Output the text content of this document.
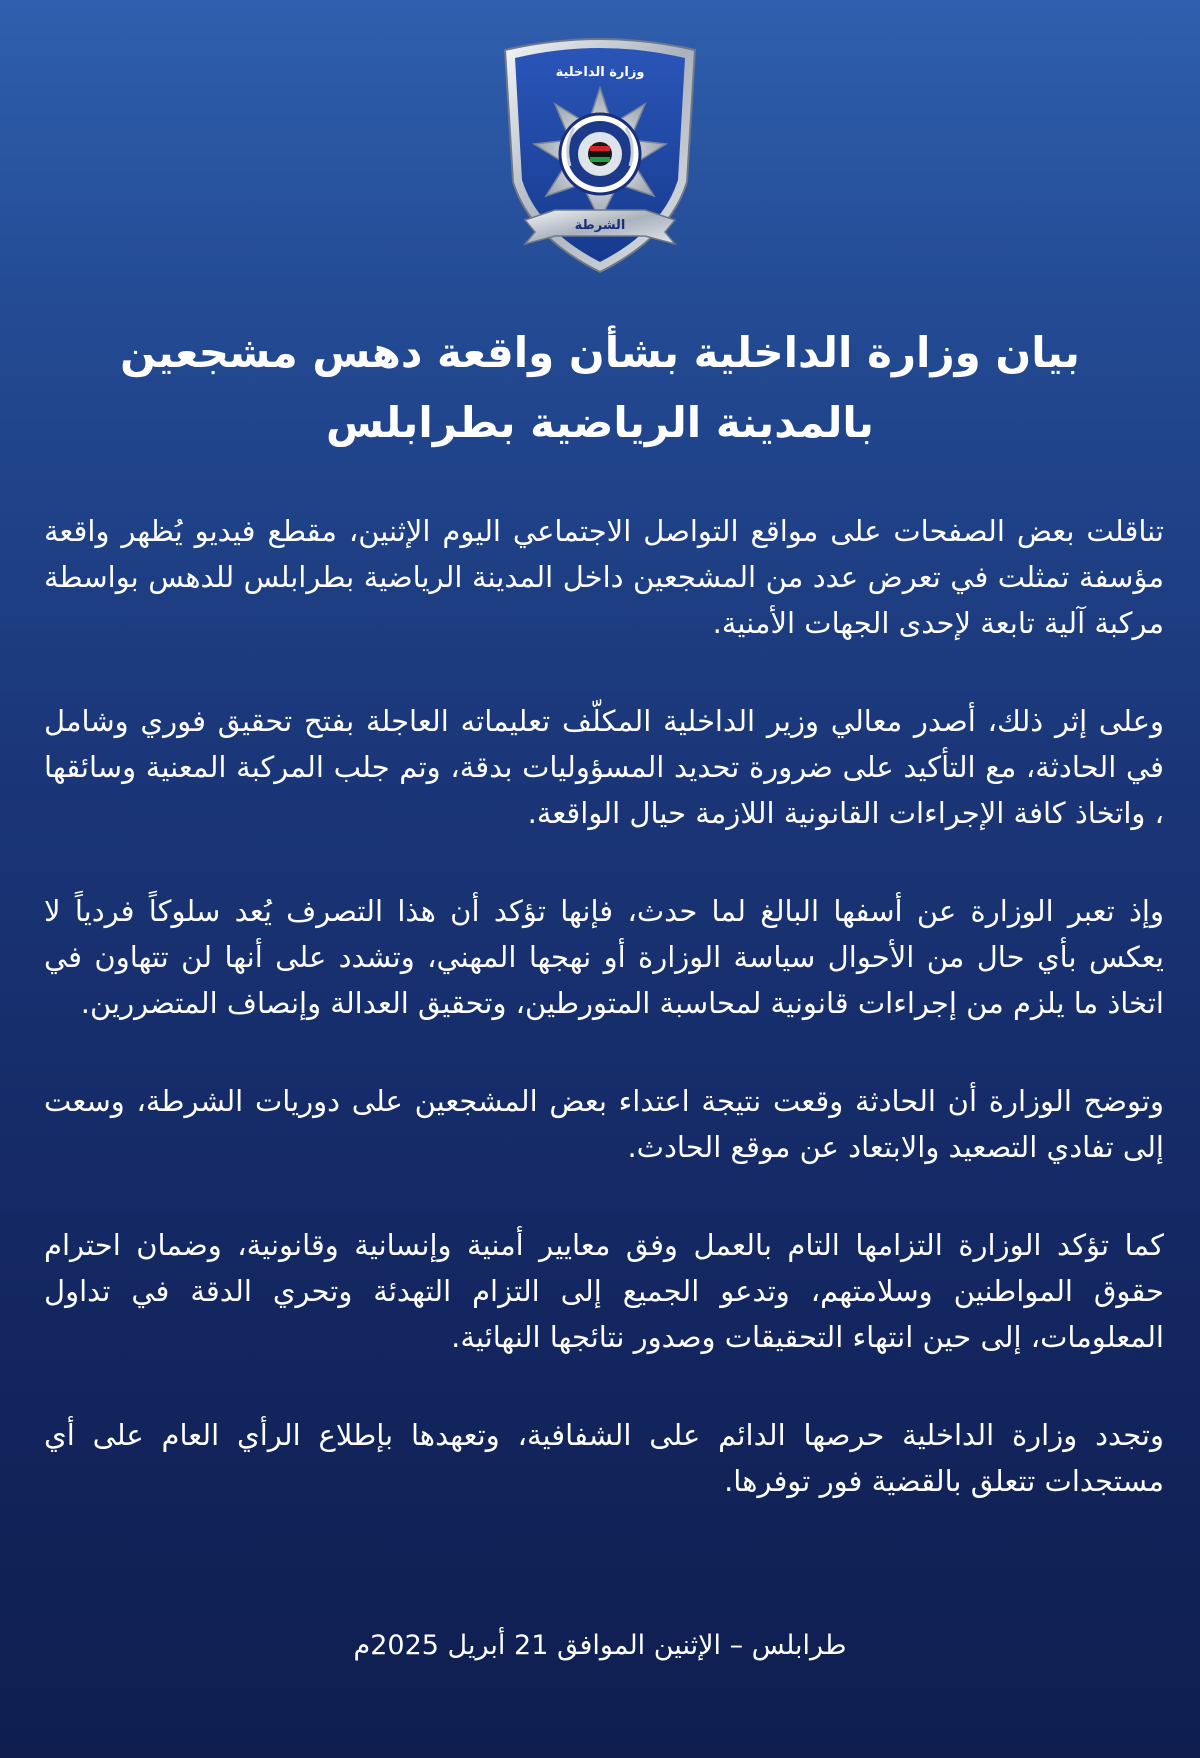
وزارة الداخلية
الشرطة
بيان وزارة الداخلية بشأن واقعة دهس مشجعين
بالمدينة الرياضية بطرابلس

تناقلت بعض الصفحات على مواقع التواصل الاجتماعي اليوم الإثنين، مقطع فيديو يُظهر واقعة مؤسفة تمثلت في تعرض عدد من المشجعين داخل المدينة الرياضية بطرابلس للدهس بواسطة مركبة آلية تابعة لإحدى الجهات الأمنية.

وعلى إثر ذلك، أصدر معالي وزير الداخلية المكلّف تعليماته العاجلة بفتح تحقيق فوري وشامل في الحادثة، مع التأكيد على ضرورة تحديد المسؤوليات بدقة، وتم جلب المركبة المعنية وسائقها ، واتخاذ كافة الإجراءات القانونية اللازمة حيال الواقعة.

وإذ تعبر الوزارة عن أسفها البالغ لما حدث، فإنها تؤكد أن هذا التصرف يُعد سلوكاً فردياً لا يعكس بأي حال من الأحوال سياسة الوزارة أو نهجها المهني، وتشدد على أنها لن تتهاون في اتخاذ ما يلزم من إجراءات قانونية لمحاسبة المتورطين، وتحقيق العدالة وإنصاف المتضررين.

وتوضح الوزارة أن الحادثة وقعت نتيجة اعتداء بعض المشجعين على دوريات الشرطة، وسعت إلى تفادي التصعيد والابتعاد عن موقع الحادث.

كما تؤكد الوزارة التزامها التام بالعمل وفق معايير أمنية وإنسانية وقانونية، وضمان احترام حقوق المواطنين وسلامتهم، وتدعو الجميع إلى التزام التهدئة وتحري الدقة في تداول المعلومات، إلى حين انتهاء التحقيقات وصدور نتائجها النهائية.

وتجدد وزارة الداخلية حرصها الدائم على الشفافية، وتعهدها بإطلاع الرأي العام على أي مستجدات تتعلق بالقضية فور توفرها.

طرابلس – الإثنين الموافق 21 أبريل 2025م
